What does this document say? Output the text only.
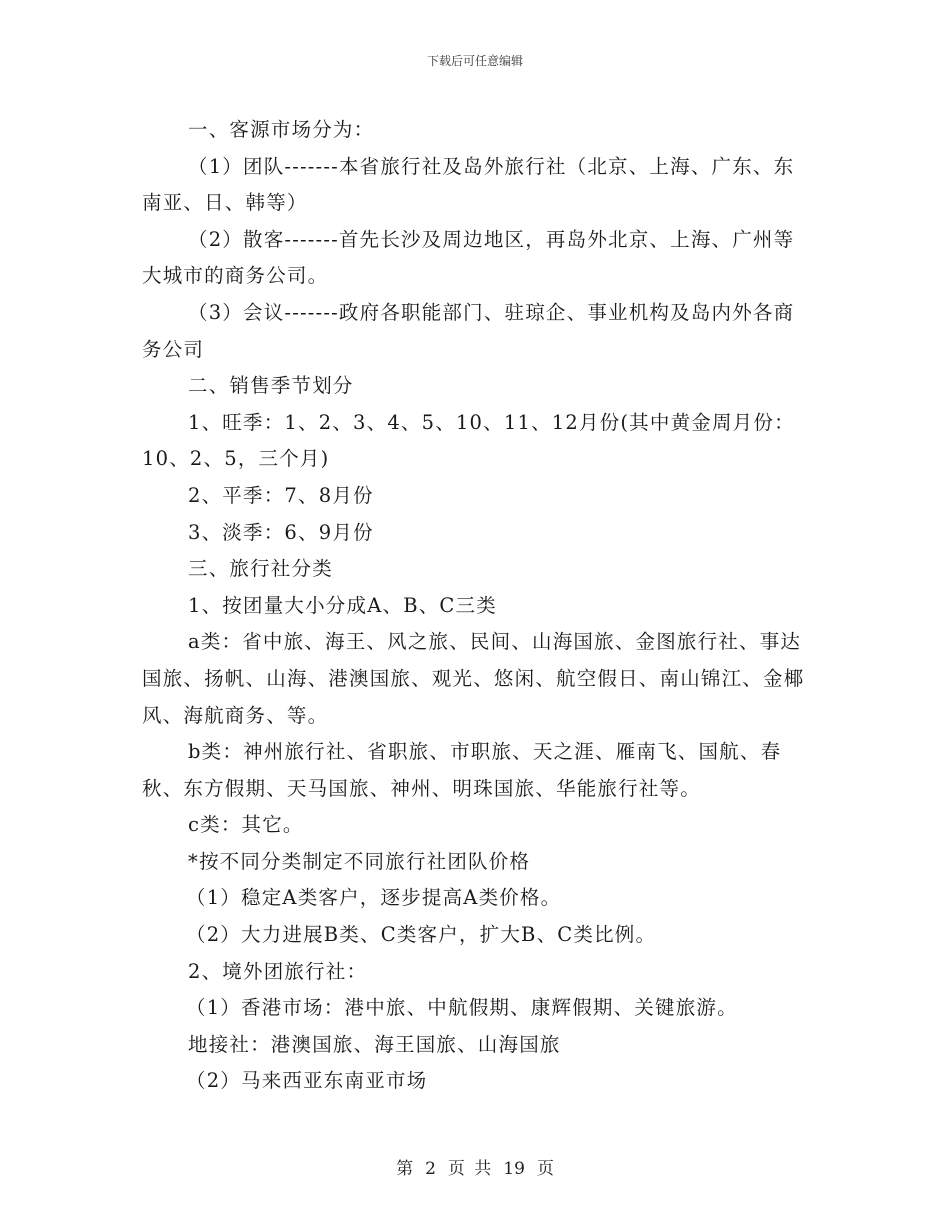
下载后可任意编辑

一、客源市场分为：

（1）团队-------本省旅行社及岛外旅行社（北京、上海、广东、东南亚、日、韩等）

（2）散客-------首先长沙及周边地区，再岛外北京、上海、广州等大城市的商务公司。

（3）会议-------政府各职能部门、驻琼企、事业机构及岛内外各商务公司

二、销售季节划分

1、旺季：1、2、3、4、5、10、11、12月份(其中黄金周月份：10、2、5，三个月)

2、平季：7、8月份

3、淡季：6、9月份

三、旅行社分类

1、按团量大小分成A、B、C三类

a类：省中旅、海王、风之旅、民间、山海国旅、金图旅行社、事达国旅、扬帆、山海、港澳国旅、观光、悠闲、航空假日、南山锦江、金椰风、海航商务、等。

b类：神州旅行社、省职旅、市职旅、天之涯、雁南飞、国航、春秋、东方假期、天马国旅、神州、明珠国旅、华能旅行社等。

c类：其它。

*按不同分类制定不同旅行社团队价格

（1）稳定A类客户，逐步提高A类价格。

（2）大力进展B类、C类客户，扩大B、C类比例。

2、境外团旅行社：

（1）香港市场：港中旅、中航假期、康辉假期、关键旅游。

地接社：港澳国旅、海王国旅、山海国旅

（2）马来西亚东南亚市场

第 2 页 共 19 页
